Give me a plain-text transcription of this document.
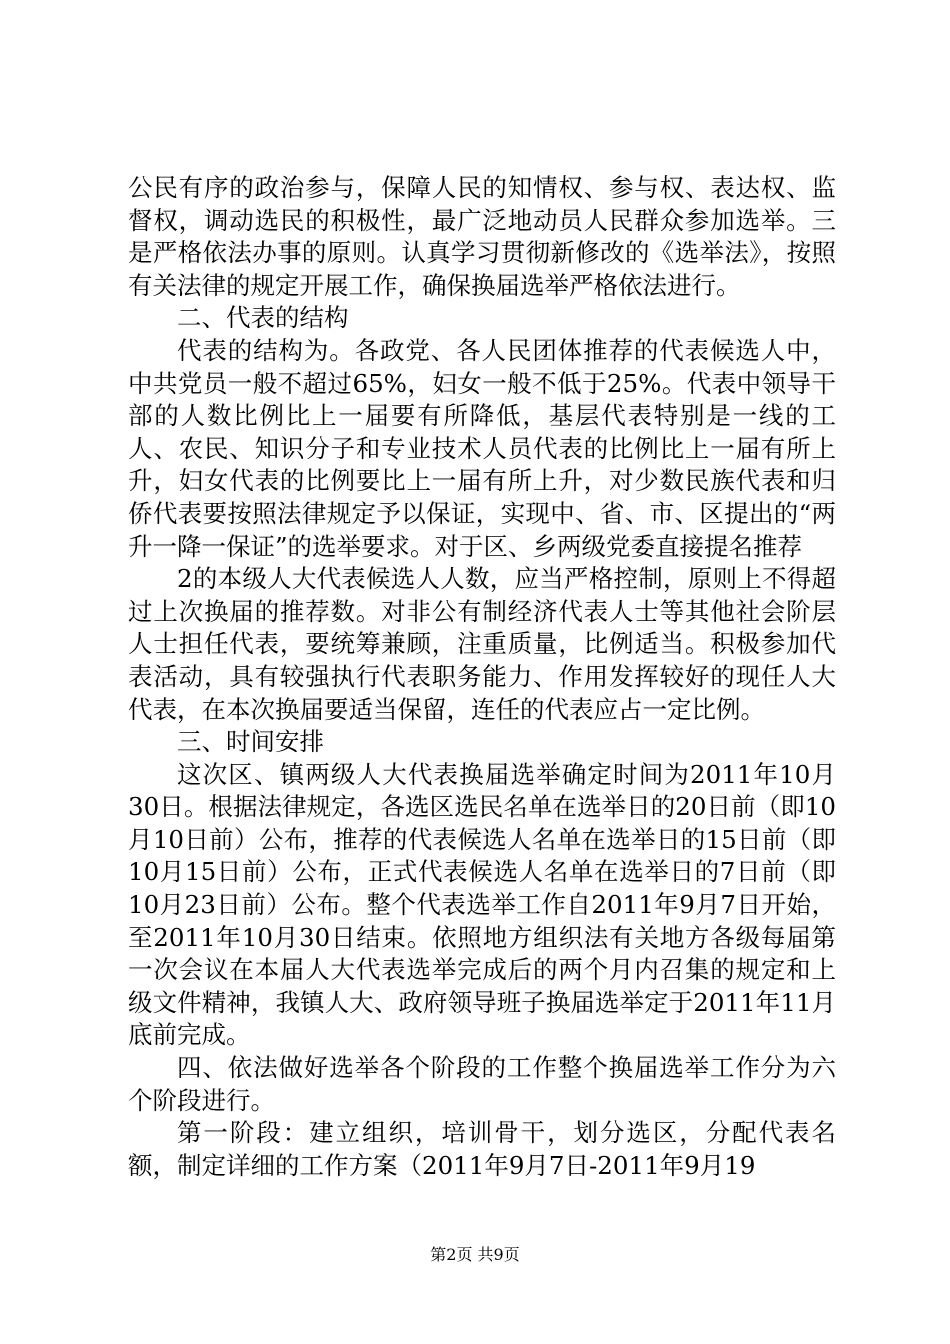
公民有序的政治参与，保障人民的知情权、参与权、表达权、监督权，调动选民的积极性，最广泛地动员人民群众参加选举。三是严格依法办事的原则。认真学习贯彻新修改的《选举法》，按照有关法律的规定开展工作，确保换届选举严格依法进行。

二、代表的结构

代表的结构为。各政党、各人民团体推荐的代表候选人中，中共党员一般不超过65%，妇女一般不低于25%。代表中领导干部的人数比例比上一届要有所降低，基层代表特别是一线的工人、农民、知识分子和专业技术人员代表的比例比上一届有所上升，妇女代表的比例要比上一届有所上升，对少数民族代表和归侨代表要按照法律规定予以保证，实现中、省、市、区提出的“两升一降一保证”的选举要求。对于区、乡两级党委直接提名推荐

2的本级人大代表候选人人数，应当严格控制，原则上不得超过上次换届的推荐数。对非公有制经济代表人士等其他社会阶层人士担任代表，要统筹兼顾，注重质量，比例适当。积极参加代表活动，具有较强执行代表职务能力、作用发挥较好的现任人大代表，在本次换届要适当保留，连任的代表应占一定比例。

三、时间安排

这次区、镇两级人大代表换届选举确定时间为2011年10月30日。根据法律规定，各选区选民名单在选举日的20日前（即10月10日前）公布，推荐的代表候选人名单在选举日的15日前（即10月15日前）公布，正式代表候选人名单在选举日的7日前（即10月23日前）公布。整个代表选举工作自2011年9月7日开始，至2011年10月30日结束。依照地方组织法有关地方各级每届第一次会议在本届人大代表选举完成后的两个月内召集的规定和上级文件精神，我镇人大、政府领导班子换届选举定于2011年11月底前完成。

四、依法做好选举各个阶段的工作整个换届选举工作分为六个阶段进行。

第一阶段：建立组织，培训骨干，划分选区，分配代表名额，制定详细的工作方案（2011年9月7日-2011年9月19

第2页 共9页
